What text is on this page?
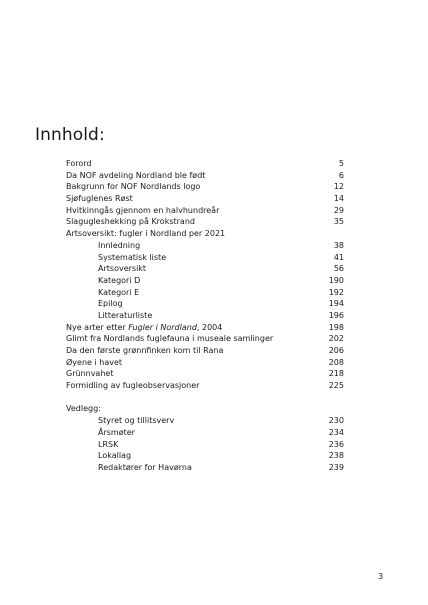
Innhold:
Forord	5
Da NOF avdeling Nordland ble født	6
Bakgrunn for NOF Nordlands logo	12
Sjøfuglenes Røst	14
Hvitkinngås gjennom en halvhundreår	29
Slagugleshekking på Krokstrand	35
Artsoversikt: fugler i Nordland per 2021
Innledning	38
Systematisk liste	41
Artsoversikt	56
Kategori D	190
Kategori E	192
Epilog	194
Litteraturliste	196
Nye arter etter Fugler i Nordland, 2004	198
Glimt fra Nordlands fuglefauna i museale samlinger	202
Da den første grønnfinken kom til Rana	206
Øyene i havet	208
Grünnvahet	218
Formidling av fugleobservasjoner	225
Vedlegg:
Styret og tillitsverv	230
Årsmøter	234
LRSK	236
Lokallag	238
Redaktører for Havørna	239
3
